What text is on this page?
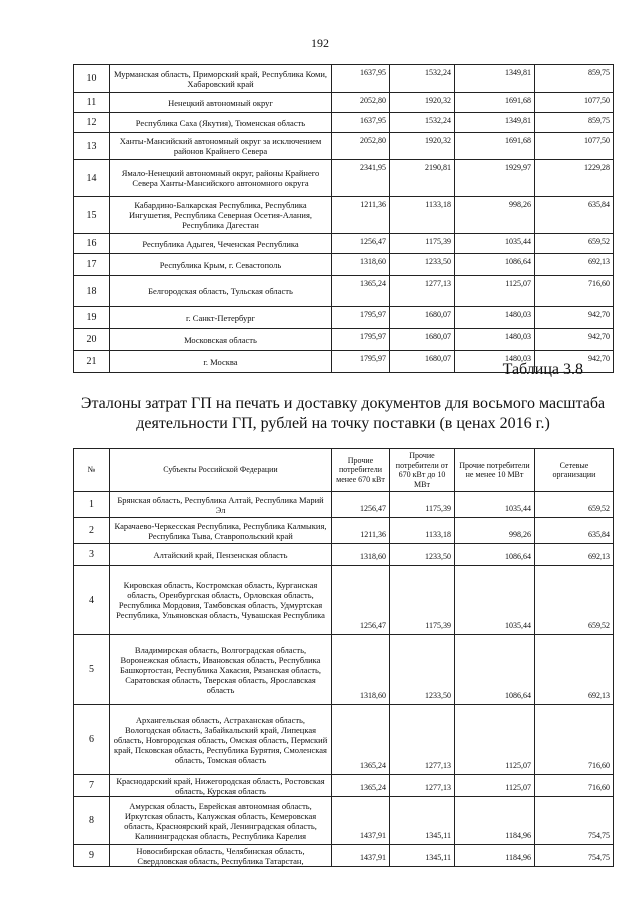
192
10	Мурманская область, Приморский край, Республика Коми, Хабаровский край	1637,95	1532,24	1349,81	859,75
11	Ненецкий автономный округ	2052,80	1920,32	1691,68	1077,50
12	Республика Саха (Якутия), Тюменская область	1637,95	1532,24	1349,81	859,75
13	Ханты-Мансийский автономный округ за исключением районов Крайнего Севера	2052,80	1920,32	1691,68	1077,50
14	Ямало-Ненецкий автономный округ, районы Крайнего Севера Ханты-Мансийского автономного округа	2341,95	2190,81	1929,97	1229,28
15	Кабардино-Балкарская Республика, Республика Ингушетия, Республика Северная Осетия-Алания, Республика Дагестан	1211,36	1133,18	998,26	635,84
16	Республика Адыгея, Чеченская Республика	1256,47	1175,39	1035,44	659,52
17	Республика Крым, г. Севастополь	1318,60	1233,50	1086,64	692,13
18	Белгородская область, Тульская область	1365,24	1277,13	1125,07	716,60
19	г. Санкт-Петербург	1795,97	1680,07	1480,03	942,70
20	Московская область	1795,97	1680,07	1480,03	942,70
21	г. Москва	1795,97	1680,07	1480,03	942,70
Таблица 3.8
Эталоны затрат ГП на печать и доставку документов для восьмого масштаба деятельности ГП, рублей на точку поставки (в ценах 2016 г.)
№	Субъекты Российской Федерации	Прочие потребители менее 670 кВт	Прочие потребители от 670 кВт до 10 МВт	Прочие потребители не менее 10 МВт	Сетевые организации
1	Брянская область, Республика Алтай, Республика Марий Эл	1256,47	1175,39	1035,44	659,52
2	Карачаево-Черкесская Республика, Республика Калмыкия, Республика Тыва, Ставропольский край	1211,36	1133,18	998,26	635,84
3	Алтайский край, Пензенская область	1318,60	1233,50	1086,64	692,13
4	Кировская область, Костромская область, Курганская область, Оренбургская область, Орловская область, Республика Мордовия, Тамбовская область, Удмуртская Республика, Ульяновская область, Чувашская Республика	1256,47	1175,39	1035,44	659,52
5	Владимирская область, Волгоградская область, Воронежская область, Ивановская область, Республика Башкортостан, Республика Хакасия, Рязанская область, Саратовская область, Тверская область, Ярославская область	1318,60	1233,50	1086,64	692,13
6	Архангельская область, Астраханская область, Вологодская область, Забайкальский край, Липецкая область, Новгородская область, Омская область, Пермский край, Псковская область, Республика Бурятия, Смоленская область, Томская область	1365,24	1277,13	1125,07	716,60
7	Краснодарский край, Нижегородская область, Ростовская область, Курская область	1365,24	1277,13	1125,07	716,60
8	Амурская область, Еврейская автономная область, Иркутская область, Калужская область, Кемеровская область, Красноярский край, Ленинградская область, Калининградская область, Республика Карелия	1437,91	1345,11	1184,96	754,75
9	Новосибирская область, Челябинская область, Свердловская область, Республика Татарстан,	1437,91	1345,11	1184,96	754,75
